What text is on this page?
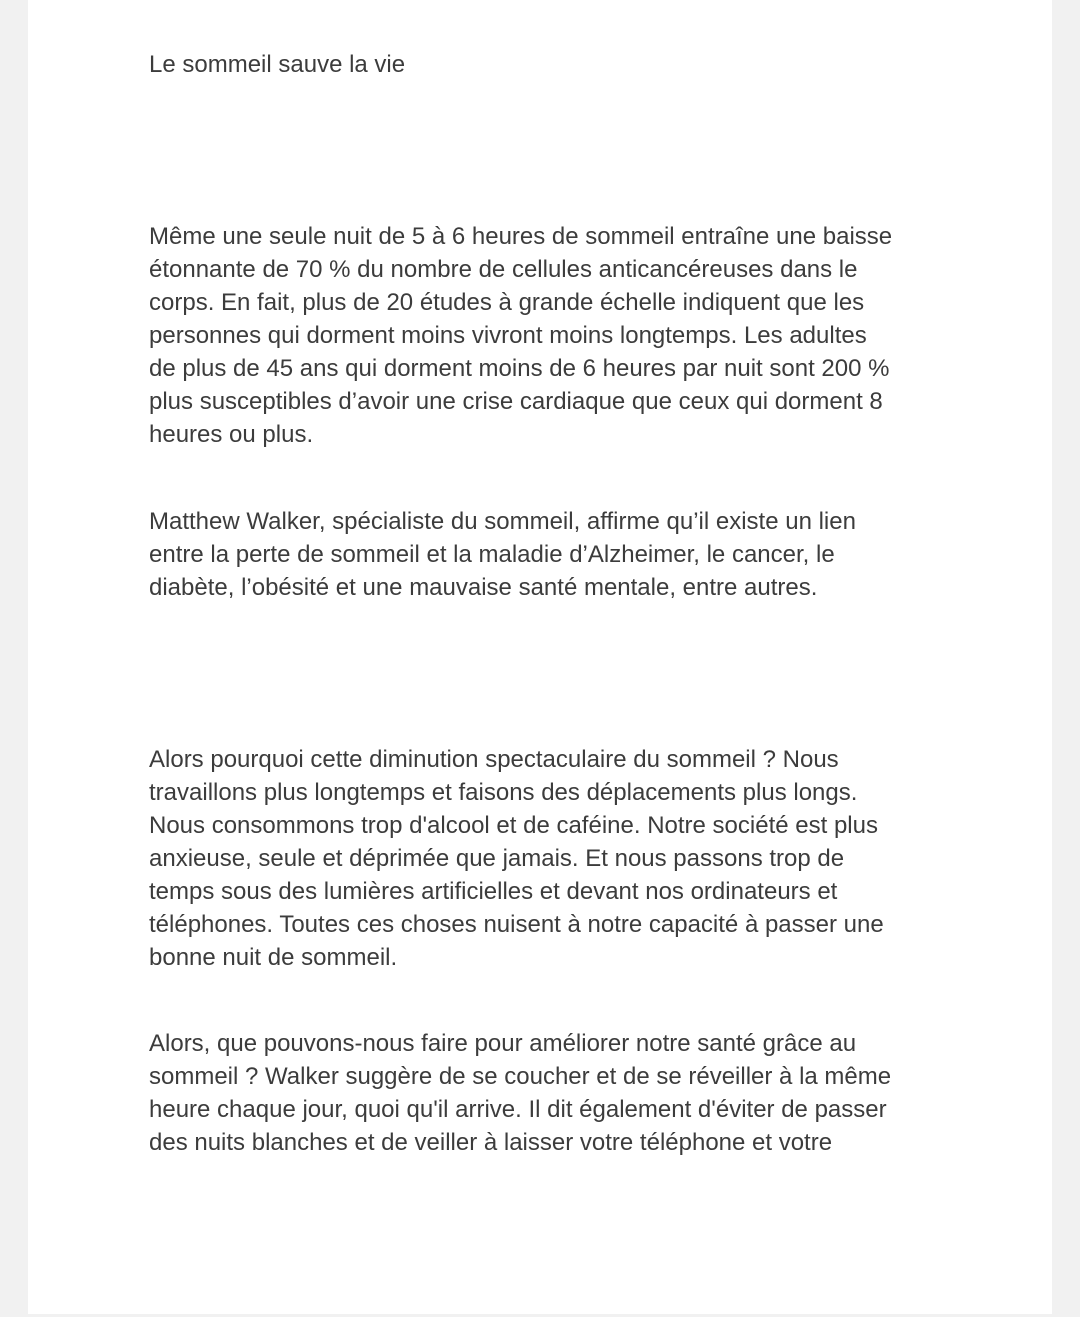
Le sommeil sauve la vie

Même une seule nuit de 5 à 6 heures de sommeil entraîne une baisse
étonnante de 70 % du nombre de cellules anticancéreuses dans le
corps. En fait, plus de 20 études à grande échelle indiquent que les
personnes qui dorment moins vivront moins longtemps. Les adultes
de plus de 45 ans qui dorment moins de 6 heures par nuit sont 200 %
plus susceptibles d’avoir une crise cardiaque que ceux qui dorment 8
heures ou plus.

Matthew Walker, spécialiste du sommeil, affirme qu’il existe un lien
entre la perte de sommeil et la maladie d’Alzheimer, le cancer, le
diabète, l’obésité et une mauvaise santé mentale, entre autres.

Alors pourquoi cette diminution spectaculaire du sommeil ? Nous
travaillons plus longtemps et faisons des déplacements plus longs.
Nous consommons trop d'alcool et de caféine. Notre société est plus
anxieuse, seule et déprimée que jamais. Et nous passons trop de
temps sous des lumières artificielles et devant nos ordinateurs et
téléphones. Toutes ces choses nuisent à notre capacité à passer une
bonne nuit de sommeil.

Alors, que pouvons-nous faire pour améliorer notre santé grâce au
sommeil ? Walker suggère de se coucher et de se réveiller à la même
heure chaque jour, quoi qu'il arrive. Il dit également d'éviter de passer
des nuits blanches et de veiller à laisser votre téléphone et votre
